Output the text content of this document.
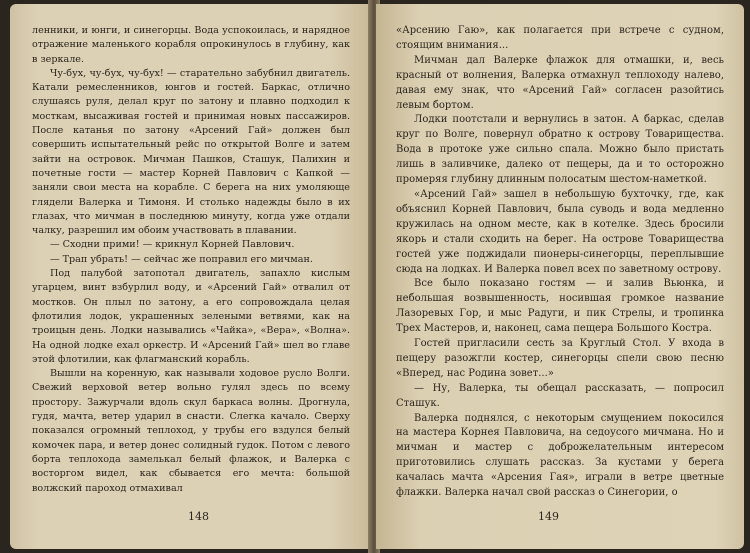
ленники, и юнги, и синегорцы. Вода успокоилась, и нарядное отражение маленького корабля опрокинулось в глубину, как в зеркале.

Чу-бух, чу-бух, чу-бух! — старательно забубнил двигатель. Катали ремесленников, юнгов и гостей. Баркас, отлично слушаясь руля, делал круг по затону и плавно подходил к мосткам, высаживая гостей и принимая новых пассажиров. После катанья по затону «Арсений Гай» должен был совершить испытательный рейс по открытой Волге и затем зайти на островок. Мичман Пашков, Сташук, Палихин и почетные гости — мастер Корней Павлович с Капкой — заняли свои места на корабле. С берега на них умоляюще глядели Валерка и Тимоня. И столько надежды было в их глазах, что мичман в последнюю минуту, когда уже отдали чалку, разрешил им обоим участвовать в плавании.

— Сходни прими! — крикнул Корней Павлович.

— Трап убрать! — сейчас же поправил его мичман.

Под палубой затопотал двигатель, запахло кислым угарцем, винт взбурлил воду, и «Арсений Гай» отвалил от мостков. Он плыл по затону, а его сопровождала целая флотилия лодок, украшенных зелеными ветвями, как на троицын день. Лодки назывались «Чайка», «Вера», «Волна». На одной лодке ехал оркестр. И «Арсений Гай» шел во главе этой флотилии, как флагманский корабль.

Вышли на коренную, как называли ходовое русло Волги. Свежий верховой ветер вольно гулял здесь по всему простору. Зажурчали вдоль скул баркаса волны. Дрогнула, гудя, мачта, ветер ударил в снасти. Слегка качало. Сверху показался огромный теплоход, у трубы его вздулся белый комочек пара, и ветер донес солидный гудок. Потом с левого борта теплохода замелькал белый флажок, и Валерка с восторгом видел, как сбывается его мечта: большой волжский пароход отмахивал

148

«Арсению Гаю», как полагается при встрече с судном, стоящим внимания...

Мичман дал Валерке флажок для отмашки, и, весь красный от волнения, Валерка отмахнул теплоходу налево, давая ему знак, что «Арсений Гай» согласен разойтись левым бортом.

Лодки поотстали и вернулись в затон. А баркас, сделав круг по Волге, повернул обратно к острову Товарищества. Вода в протоке уже сильно спала. Можно было пристать лишь в заливчике, далеко от пещеры, да и то осторожно промеряя глубину длинным полосатым шестом-наметкой.

«Арсений Гай» зашел в небольшую бухточку, где, как объяснил Корней Павлович, была суводь и вода медленно кружилась на одном месте, как в котелке. Здесь бросили якорь и стали сходить на берег. На острове Товарищества гостей уже поджидали пионеры-синегорцы, переплывшие сюда на лодках. И Валерка повел всех по заветному острову.

Все было показано гостям — и залив Вьюнка, и небольшая возвышенность, носившая громкое название Лазоревых Гор, и мыс Радуги, и пик Стрелы, и тропинка Трех Мастеров, и, наконец, сама пещера Большого Костра.

Гостей пригласили сесть за Круглый Стол. У входа в пещеру разожгли костер, синегорцы спели свою песню «Вперед, нас Родина зовет...»

— Ну, Валерка, ты обещал рассказать, — попросил Сташук.

Валерка поднялся, с некоторым смущением покосился на мастера Корнея Павловича, на седоусого мичмана. Но и мичман и мастер с доброжелательным интересом приготовились слушать рассказ. За кустами у берега качалась мачта «Арсения Гая», играли в ветре цветные флажки. Валерка начал свой рассказ о Синегории, о

149
